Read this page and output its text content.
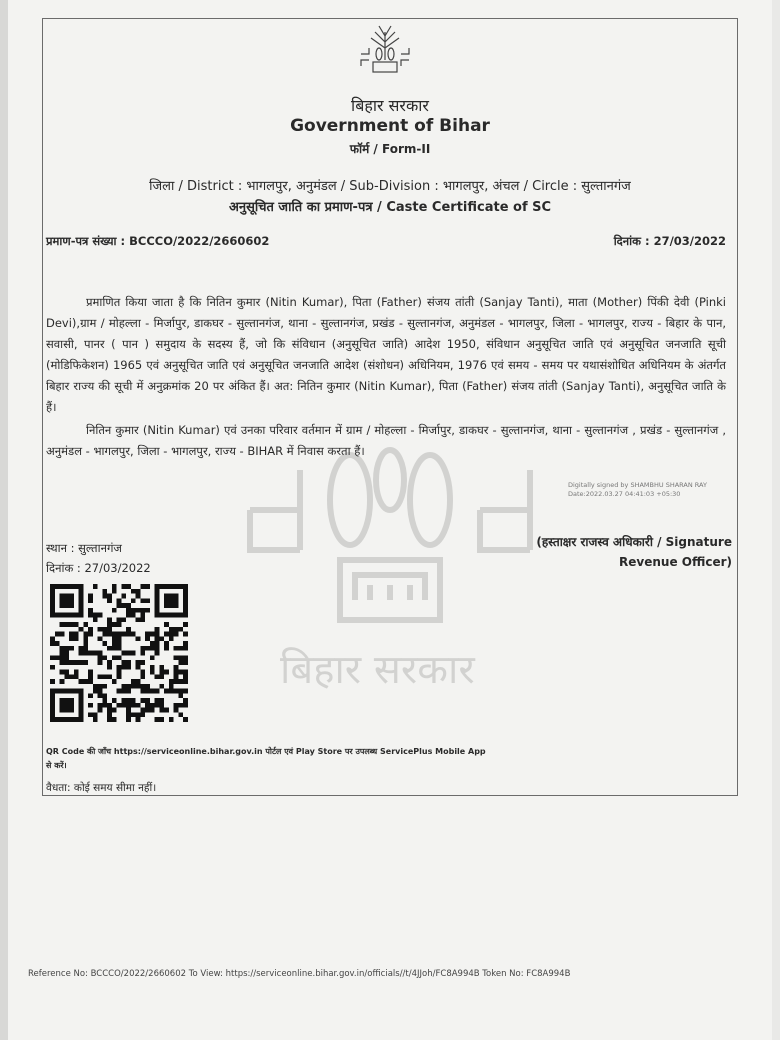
बिहार सरकार
बिहार सरकार
Government of Bihar
फॉर्म / Form-II
जिला / District : भागलपुर, अनुमंडल / Sub-Division : भागलपुर, अंचल / Circle : सुल्तानगंज
अनुसूचित जाति का प्रमाण-पत्र / Caste Certificate of SC
प्रमाण-पत्र संख्या : BCCCO/2022/2660602	दिनांक : 27/03/2022
प्रमाणित किया जाता है कि नितिन कुमार (Nitin Kumar), पिता (Father) संजय तांती (Sanjay Tanti), माता (Mother) पिंकी देवी (Pinki Devi),ग्राम / मोहल्ला - मिर्जापुर, डाकघर - सुल्तानगंज, थाना - सुल्तानगंज, प्रखंड - सुल्तानगंज, अनुमंडल - भागलपुर, जिला - भागलपुर, राज्य - बिहार के पान, सवासी, पानर ( पान ) समुदाय के सदस्य हैं, जो कि संविधान (अनुसूचित जाति) आदेश 1950, संविधान अनुसूचित जाति एवं अनुसूचित जनजाति सूची (मोडिफिकेशन) 1965 एवं अनुसूचित जाति एवं अनुसूचित जनजाति आदेश (संशोधन) अधिनियम, 1976 एवं समय - समय पर यथासंशोधित अधिनियम के अंतर्गत बिहार राज्य की सूची में अनुक्रमांक 20 पर अंकित हैं। अत: नितिन कुमार (Nitin Kumar), पिता (Father) संजय तांती (Sanjay Tanti), अनुसूचित जाति के हैं।
नितिन कुमार (Nitin Kumar) एवं उनका परिवार वर्तमान में ग्राम / मोहल्ला - मिर्जापुर, डाकघर - सुल्तानगंज, थाना - सुल्तानगंज , प्रखंड - सुल्तानगंज , अनुमंडल - भागलपुर, जिला - भागलपुर, राज्य - BIHAR में निवास करता हैं।
Digitally signed by SHAMBHU SHARAN RAY
Date:2022.03.27 04:41:03 +05:30
स्थान : सुल्तानगंज
दिनांक : 27/03/2022
(हस्ताक्षर राजस्व अधिकारी / Signature
Revenue Officer)
QR Code की जाँच https://serviceonline.bihar.gov.in पोर्टल एवं Play Store पर उपलब्ध ServicePlus Mobile App से करें।
वैधता: कोई समय सीमा नहीं।
Reference No: BCCCO/2022/2660602 To View: https://serviceonline.bihar.gov.in/officials//t/4JJoh/FC8A994B Token No: FC8A994B
